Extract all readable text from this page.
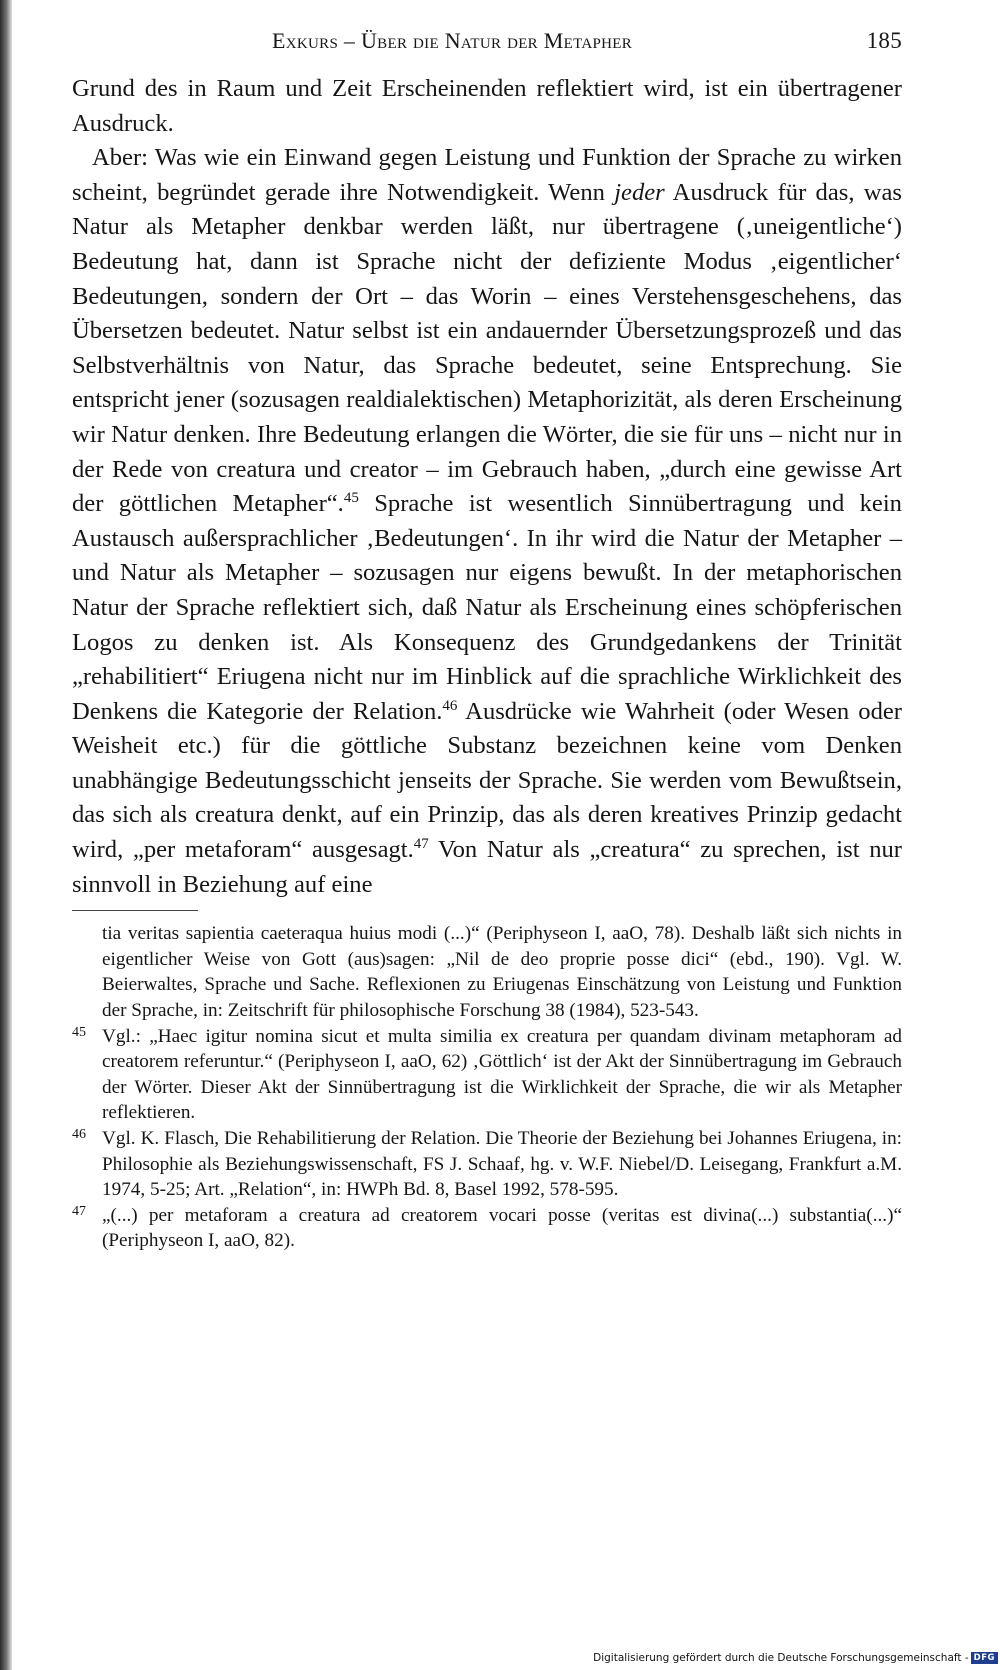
Exkurs – Über die Natur der Metapher	185

Grund des in Raum und Zeit Erscheinenden reflektiert wird, ist ein übertragener Ausdruck.

Aber: Was wie ein Einwand gegen Leistung und Funktion der Sprache zu wirken scheint, begründet gerade ihre Notwendigkeit. Wenn jeder Ausdruck für das, was Natur als Metapher denkbar werden läßt, nur übertragene (‚uneigentliche‘) Bedeutung hat, dann ist Sprache nicht der defiziente Modus ‚eigentlicher‘ Bedeutungen, sondern der Ort – das Worin – eines Verstehensgeschehens, das Übersetzen bedeutet. Natur selbst ist ein andauernder Übersetzungsprozeß und das Selbstverhältnis von Natur, das Sprache bedeutet, seine Entsprechung. Sie entspricht jener (sozusagen realdialektischen) Metaphorizität, als deren Erscheinung wir Natur denken. Ihre Bedeutung erlangen die Wörter, die sie für uns – nicht nur in der Rede von creatura und creator – im Gebrauch haben, „durch eine gewisse Art der göttlichen Metapher“.$^{45}$ Sprache ist wesentlich Sinnübertragung und kein Austausch außersprachlicher ‚Bedeutungen‘. In ihr wird die Natur der Metapher – und Natur als Metapher – sozusagen nur eigens bewußt. In der metaphorischen Natur der Sprache reflektiert sich, daß Natur als Erscheinung eines schöpferischen Logos zu denken ist. Als Konsequenz des Grundgedankens der Trinität „rehabilitiert“ Eriugena nicht nur im Hinblick auf die sprachliche Wirklichkeit des Denkens die Kategorie der Relation.$^{46}$ Ausdrücke wie Wahrheit (oder Wesen oder Weisheit etc.) für die göttliche Substanz bezeichnen keine vom Denken unabhängige Bedeutungsschicht jenseits der Sprache. Sie werden vom Bewußtsein, das sich als creatura denkt, auf ein Prinzip, das als deren kreatives Prinzip gedacht wird, „per metaforam“ ausgesagt.$^{47}$ Von Natur als „creatura“ zu sprechen, ist nur sinnvoll in Beziehung auf eine

tia veritas sapientia caeteraqua huius modi (...)“ (Periphyseon I, aaO, 78). Deshalb läßt sich nichts in eigentlicher Weise von Gott (aus)sagen: „Nil de deo proprie posse dici“ (ebd., 190). Vgl. W. Beierwaltes, Sprache und Sache. Reflexionen zu Eriugenas Einschätzung von Leistung und Funktion der Sprache, in: Zeitschrift für philosophische Forschung 38 (1984), 523-543.
45 Vgl.: „Haec igitur nomina sicut et multa similia ex creatura per quandam divinam metaphoram ad creatorem referuntur.“ (Periphyseon I, aaO, 62) ‚Göttlich‘ ist der Akt der Sinnübertragung im Gebrauch der Wörter. Dieser Akt der Sinnübertragung ist die Wirklichkeit der Sprache, die wir als Metapher reflektieren.
46 Vgl. K. Flasch, Die Rehabilitierung der Relation. Die Theorie der Beziehung bei Johannes Eriugena, in: Philosophie als Beziehungswissenschaft, FS J. Schaaf, hg. v. W.F. Niebel/D. Leisegang, Frankfurt a.M. 1974, 5-25; Art. „Relation“, in: HWPh Bd. 8, Basel 1992, 578-595.
47 „(...) per metaforam a creatura ad creatorem vocari posse (veritas est divina(...) substantia(...)“ (Periphyseon I, aaO, 82).
Digitalisierung gefördert durch die Deutsche Forschungsgemeinschaft - DFG
